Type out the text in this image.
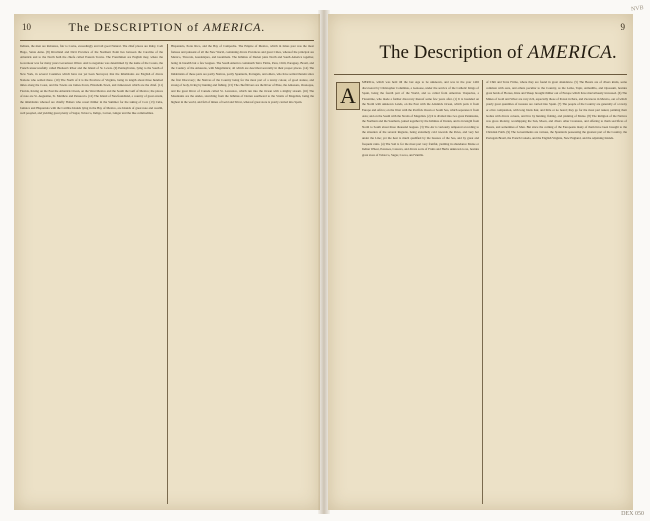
NVB
10	The DESCRIPTION of AMERICA.

Indians, the men are Robustos, fair to Corne, exceedingly and tall good Natural. The chief places are Ruby, Cadi Hugo, Santa Anna. (8) Rivelland and Dicti Province of the Northern Point lies between the Carolina of the Atlantick and to the North hath the chiefe called Eastern Towns. The Frenchmen are English may, where the Governour was for many years Governour Oliver. And to negotiate was determined by the name of the Coasts, the French unsuccessfully called Hudson's River and the Island of St. Lewis. (9) Pennsylvania, lying to the South of New York, in several Countries which have not yet been Surveyed, that the Inhabitants are English of divers Nations who settled there. (10) The North of it is the Province of Virginia, being in length about three hundred miles along the Coast, and the Towns are James-Town, Elizabeth-Town, and Jamestown which are the chief. (11) Florida, having on the East the Atlantick Ocean, on the West Mexico and the South the Gulf of Mexico; the places of note are St. Augustine, St. Matthew and Pensacola. (12) The Island of Newfoundland, a country of great extent, the inhabitants whereof are chiefly Fishers who resort thither in the Summer for the taking of Cod. (13) Cuba, Jamaica and Hispaniola with the Caribbe Islands lying in the Bay of Mexico, are Islands of great note and wealth, well peopled, and yielding great plenty of Sugar, Tobacco, Indigo, Cotton, Ginger and the like commodities.

Hispaniola, Porto Rico, and the Bay of Campeche. The Empire of Mexico, which in times past was the most famous and puissant of all the New World, containing divers Provinces and great Cities, whereof the principal are Mexico, Tlaxcala, Guadalajara, and Guatimala. The Isthmus of Darien joins North and South America together, being in breadth but a few leagues. The South America containeth Terra Firma, Peru, Chili, Paraguay, Brasil, and the Country of the Amazons, with Magellanica; all which are described severally in their proper places. (14) The Inhabitants of these parts are partly Natives, partly Spaniards, Portugals, and others, who have settled therein since the first Discovery; the Natives of the Country being for the most part of a tawny colour, of good stature, and strong of body, living by hunting and fishing. (15) The chief Rivers are the River of Plate, the Amazons, Oronoque, and the great River of Canada called St. Lawrence, which run into the Ocean with a mighty stream. (16) The Mountains are the Andes, stretching from the Isthmus of Darien southward to the Straits of Magellan, being the highest in the world, and full of mines of Gold and Silver, whereof great store is yearly carried into Spain.

9
The Description of AMERICA.
A

MERICA, which was held till the last Age to be unknown, and was in the year 1492 discovered by Christopher Columbus, a Genoese, under the service of the Catholic Kings of Spain, being the fourth part of the World, and so called from Americus Vespucius, a Florentine, who made a further discovery thereof some few years after. (1) It is bounded on the North with unknown Lands, on the East with the Atlantick Ocean, which parts it from Europe and Africa; on the West with the Pacifick Ocean or South Sea, which separates it from Asia; and on the South with the Straits of Magellan. (2) It is divided into two great Peninsulas, the Northern and the Southern, joined together by the Isthmus of Darien, and is in length from North to South about three thousand leagues. (3) The Air is variously tempered according to the situation of the several Regions, being extremely cold towards the Poles, and very hot under the Line; yet the heat is much qualified by the breezes of the Sea, and by great and frequent rains. (4) The Soil is for the most part very fruitful, yielding in abundance Maize or Indian Wheat, Potatoes, Cassava, and divers sorts of Fruits and Herbs unknown to us, besides great store of Tobacco, Sugar, Cocoa, and Vanilla.

of Chili and Terra Firma, where they are found in great abundance. (5) The Beasts are of divers kinds, some common with ours, and others peculiar to the Country, as the Lama, Tapir, Armadillo, and Opossum, besides great herds of Horses, Kine and Sheep brought thither out of Europe which have marvellously increased. (6) The Mines of Gold and Silver are very rich, especially those of Potosi in Peru, and Zacatecas in Mexico, out of which yearly great quantities of treasure are carried into Spain. (7) The people of the Country are generally of a tawny or olive complexion, with long black hair, and little or no beard; they go for the most part naked, painting their bodies with divers colours, and live by hunting, fishing, and planting of Maize. (8) The Religion of the Natives was gross Idolatry, worshipping the Sun, Moon, and divers other Creatures, and offering to them sacrifices of Beasts, and sometimes of Men. But since the coming of the Europeans many of them have been brought to the Christian Faith. (9) The Governments are various, the Spaniards possessing the greatest part of the Country, the Portugals Brasil, the French Canada, and the English Virginia, New England, and the adjoining Islands.

DEX 050
